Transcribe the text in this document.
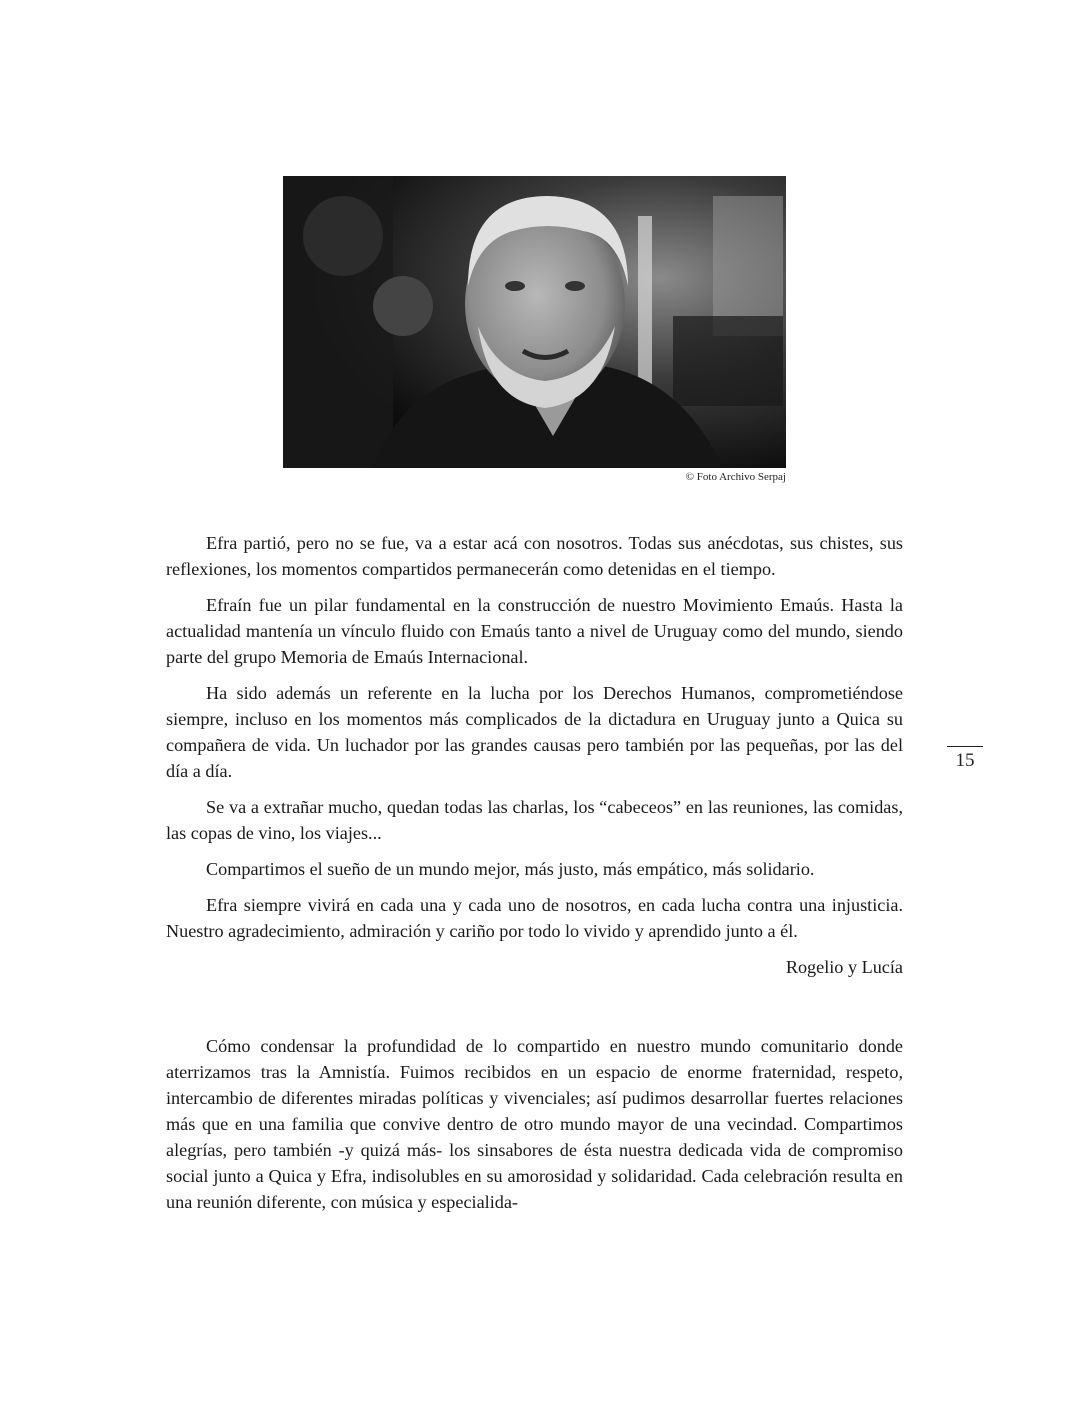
© Foto Archivo Serpaj

Efra partió, pero no se fue, va a estar acá con nosotros. Todas sus anécdotas, sus chistes, sus reflexiones, los momentos compartidos permanecerán como detenidas en el tiempo.

Efraín fue un pilar fundamental en la construcción de nuestro Movimiento Emaús. Hasta la actualidad mantenía un vínculo fluido con Emaús tanto a nivel de Uruguay como del mundo, siendo parte del grupo Memoria de Emaús Internacional.

Ha sido además un referente en la lucha por los Derechos Humanos, comprometiéndose siempre, incluso en los momentos más complicados de la dictadura en Uruguay junto a Quica su compañera de vida. Un luchador por las grandes causas pero también por las pequeñas, por las del día a día.

Se va a extrañar mucho, quedan todas las charlas, los “cabeceos” en las reuniones, las comidas, las copas de vino, los viajes...

Compartimos el sueño de un mundo mejor, más justo, más empático, más solidario.

Efra siempre vivirá en cada una y cada uno de nosotros, en cada lucha contra una injusticia. Nuestro agradecimiento, admiración y cariño por todo lo vivido y aprendido junto a él.

Rogelio y Lucía

15

Cómo condensar la profundidad de lo compartido en nuestro mundo comunitario donde aterrizamos tras la Amnistía. Fuimos recibidos en un espacio de enorme fraternidad, respeto, intercambio de diferentes miradas políticas y vivenciales; así pudimos desarrollar fuertes relaciones más que en una familia que convive dentro de otro mundo mayor de una vecindad. Compartimos alegrías, pero también -y quizá más- los sinsabores de ésta nuestra dedicada vida de compromiso social junto a Quica y Efra, indisolubles en su amorosidad y solidaridad. Cada celebración resulta en una reunión diferente, con música y especialida-
